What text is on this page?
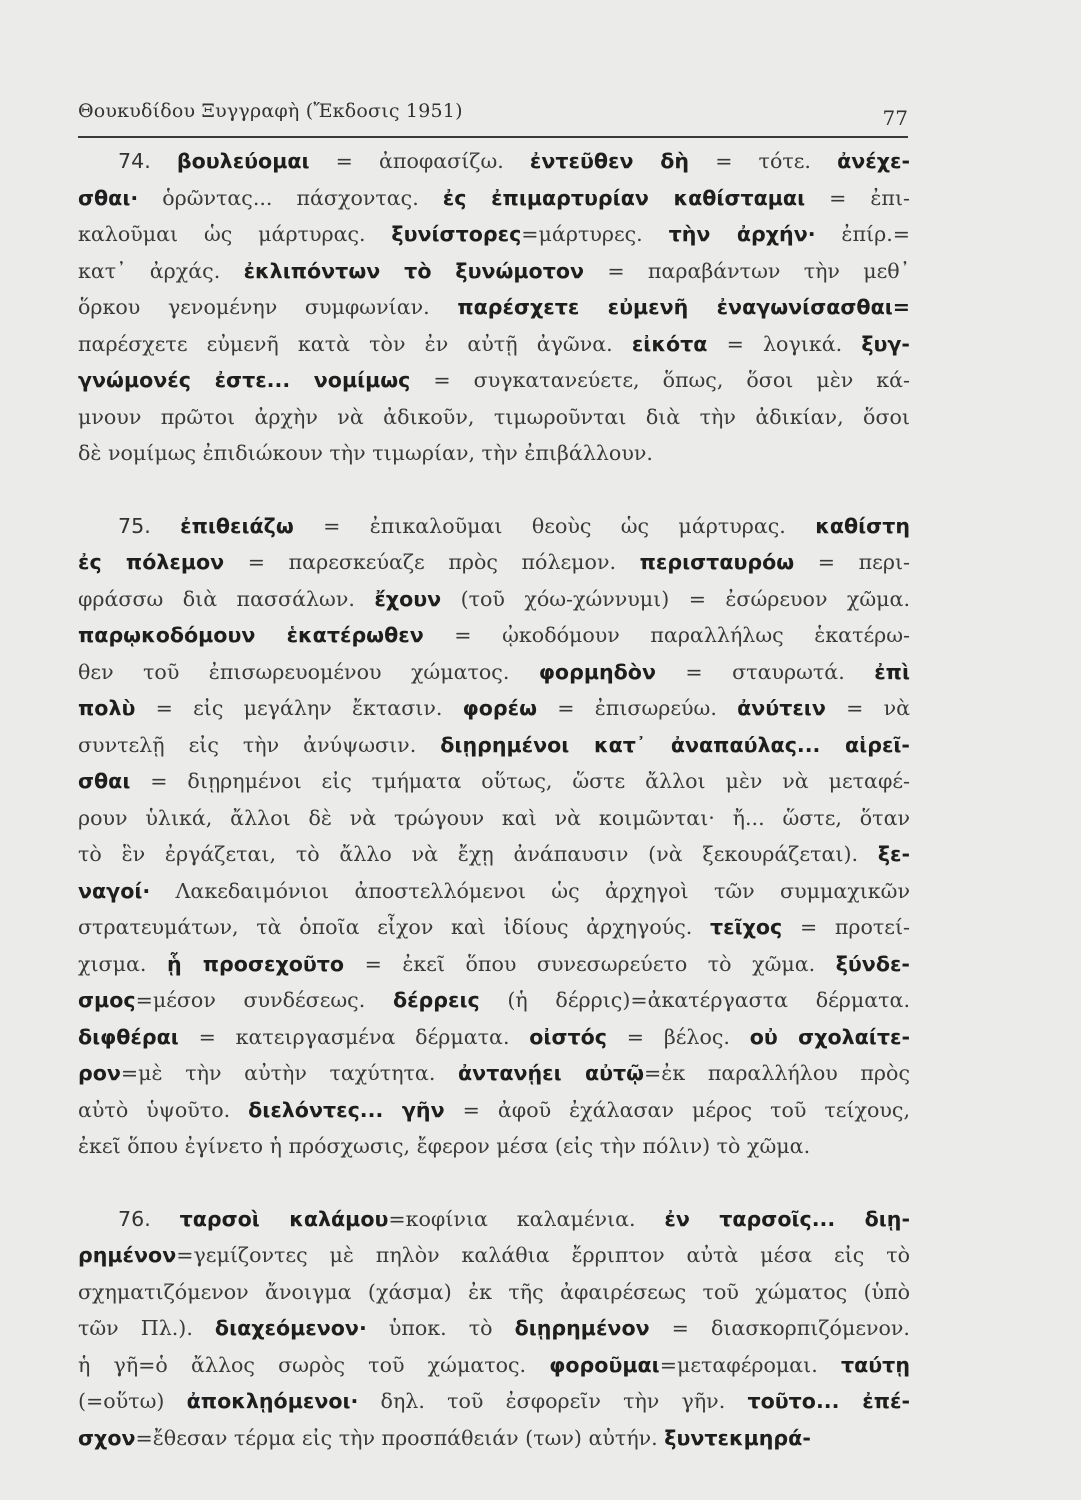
Θουκυδίδου Ξυγγραφὴ (Ἔκδοσις 1951)	77
74. βουλεύομαι = ἀποφασίζω. ἐντεῦθεν δὴ = τότε. ἀνέχε-
σθαι· ὁρῶντας... πάσχοντας. ἐς ἐπιμαρτυρίαν καθίσταμαι = ἐπι-
καλοῦμαι ὡς μάρτυρας. ξυνίστορες=μάρτυρες. τὴν ἀρχήν· ἐπίρ.=
κατ᾽ ἀρχάς. ἐκλιπόντων τὸ ξυνώμοτον = παραβάντων τὴν μεθ᾽
ὅρκου γενομένην συμφωνίαν. παρέσχετε εὐμενῆ ἐναγωνίσασθαι=
παρέσχετε εὐμενῆ κατὰ τὸν ἐν αὐτῇ ἀγῶνα. εἰκότα = λογικά. ξυγ-
γνώμονές ἐστε... νομίμως = συγκατανεύετε, ὅπως, ὅσοι μὲν κά-
μνουν πρῶτοι ἀρχὴν νὰ ἀδικοῦν, τιμωροῦνται διὰ τὴν ἀδικίαν, ὅσοι
δὲ νομίμως ἐπιδιώκουν τὴν τιμωρίαν, τὴν ἐπιβάλλουν.
75. ἐπιθειάζω = ἐπικαλοῦμαι θεοὺς ὡς μάρτυρας. καθίστη
ἐς πόλεμον = παρεσκεύαζε πρὸς πόλεμον. περισταυρόω = περι-
φράσσω διὰ πασσάλων. ἔχουν (τοῦ χόω-χώννυμι) = ἐσώρευον χῶμα.
παρῳκοδόμουν ἑκατέρωθεν = ᾠκοδόμουν παραλλήλως ἑκατέρω-
θεν τοῦ ἐπισωρευομένου χώματος. φορμηδὸν = σταυρωτά. ἐπὶ
πολὺ = εἰς μεγάλην ἔκτασιν. φορέω = ἐπισωρεύω. ἀνύτειν = νὰ
συντελῇ εἰς τὴν ἀνύψωσιν. διῃρημένοι κατ᾽ ἀναπαύλας... αἱρεῖ-
σθαι = διῃρημένοι εἰς τμήματα οὕτως, ὥστε ἄλλοι μὲν νὰ μεταφέ-
ρουν ὑλικά, ἄλλοι δὲ νὰ τρώγουν καὶ νὰ κοιμῶνται· ἤ... ὥστε, ὅταν
τὸ ἓν ἐργάζεται, τὸ ἄλλο νὰ ἔχῃ ἀνάπαυσιν (νὰ ξεκουράζεται). ξε-
ναγοί· Λακεδαιμόνιοι ἀποστελλόμενοι ὡς ἀρχηγοὶ τῶν συμμαχικῶν
στρατευμάτων, τὰ ὁποῖα εἶχον καὶ ἰδίους ἀρχηγούς. τεῖχος = προτεί-
χισμα. ᾗ προσεχοῦτο = ἐκεῖ ὅπου συνεσωρεύετο τὸ χῶμα. ξύνδε-
σμος=μέσον συνδέσεως. δέρρεις (ἡ δέρρις)=ἀκατέργαστα δέρματα.
διφθέραι = κατειργασμένα δέρματα. οἰστός = βέλος. οὐ σχολαίτε-
ρον=μὲ τὴν αὐτὴν ταχύτητα. ἀντανῄει αὐτῷ=ἐκ παραλλήλου πρὸς
αὐτὸ ὑψοῦτο. διελόντες... γῆν = ἀφοῦ ἐχάλασαν μέρος τοῦ τείχους,
ἐκεῖ ὅπου ἐγίνετο ἡ πρόσχωσις, ἔφερον μέσα (εἰς τὴν πόλιν) τὸ χῶμα.
76. ταρσοὶ καλάμου=κοφίνια καλαμένια. ἐν ταρσοῖς... διῃ-
ρημένον=γεμίζοντες μὲ πηλὸν καλάθια ἔρριπτον αὐτὰ μέσα εἰς τὸ
σχηματιζόμενον ἄνοιγμα (χάσμα) ἐκ τῆς ἀφαιρέσεως τοῦ χώματος (ὑπὸ
τῶν Πλ.). διαχεόμενον· ὑποκ. τὸ διῃρημένον = διασκορπιζόμενον.
ἡ γῆ=ὁ ἄλλος σωρὸς τοῦ χώματος. φοροῦμαι=μεταφέρομαι. ταύτῃ
(=οὕτω) ἀποκλῃόμενοι· δηλ. τοῦ ἐσφορεῖν τὴν γῆν. τοῦτο... ἐπέ-
σχον=ἔθεσαν τέρμα εἰς τὴν προσπάθειάν (των) αὐτήν. ξυντεκμηρά-
